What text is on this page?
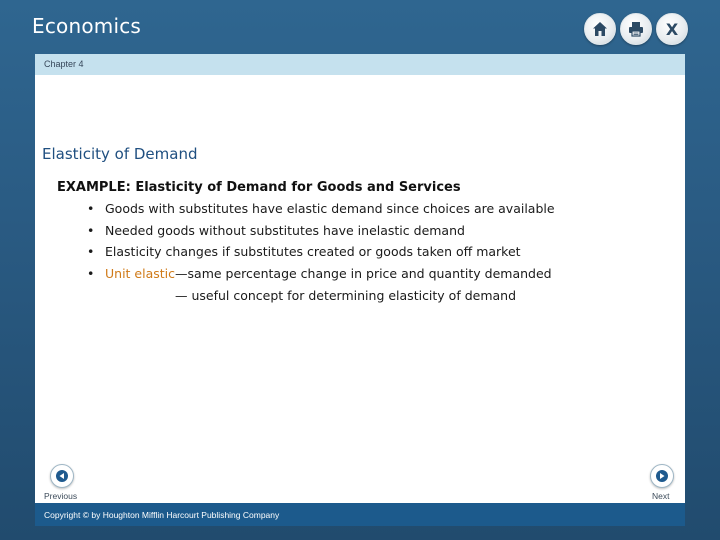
Economics	X
Chapter 4
Elasticity of Demand
EXAMPLE: Elasticity of Demand for Goods and Services
• Goods with substitutes have elastic demand since choices are available
• Needed goods without substitutes have inelastic demand
• Elasticity changes if substitutes created or goods taken off market
• Unit elastic—same percentage change in price and quantity demanded
— useful concept for determining elasticity of demand
Previous	Next
Copyright © by Houghton Mifflin Harcourt Publishing Company
